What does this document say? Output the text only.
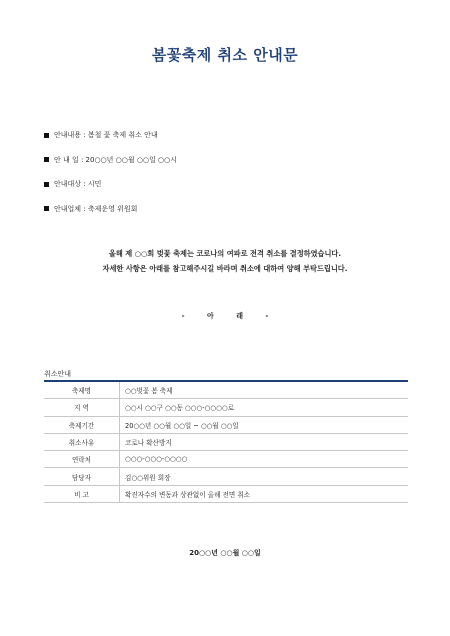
봄꽃축제 취소 안내문
안내내용 : 봄철 꽃 축제 취소 안내
안 내 일 : 20○○년 ○○월 ○○일 ○○시
안내대상 : 시민
안내업체 : 축제운영 위원회
올해 제 ○○회 벚꽃 축제는 코로나의 여파로 전격 취소를 결정하였습니다.
자세한 사항은 아래를 참고해주시길 바라며 취소에 대하여 양해 부탁드립니다.
- 아 래 -
취소안내
축제명	○○벚꽃 봄 축제
지 역	○○시 ○○구 ○○동 ○○○-○○○○로
축제기간	20○○년 ○○월 ○○일 ~ ○○월 ○○일
취소사유	코로나 확산방지
연락처	○○○-○○○-○○○○
담당자	김○○위원 회장
비 고	확진자수의 변동과 상관없이 올해 전면 취소
20○○년 ○○월 ○○일
